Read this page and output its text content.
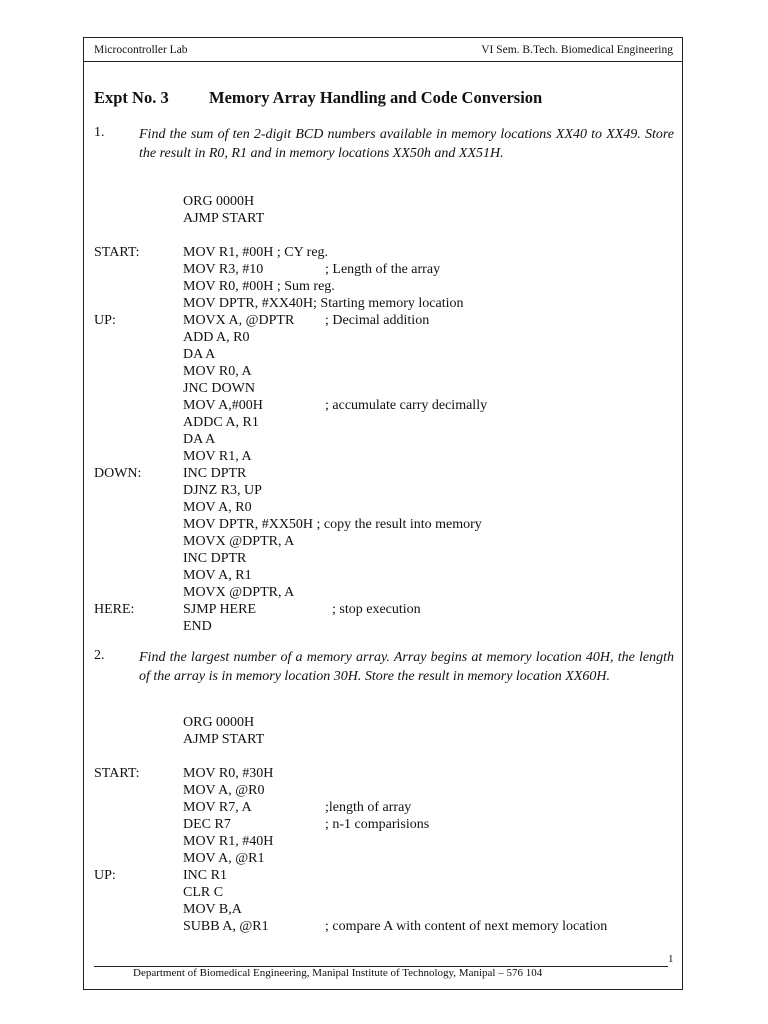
Microcontroller Lab	VI Sem. B.Tech. Biomedical Engineering
Expt No. 3 Memory Array Handling and Code Conversion
1. Find the sum of ten 2-digit BCD numbers available in memory locations XX40 to XX49. Store the result in R0, R1 and in memory locations XX50h and XX51H.
ORG 0000H
AJMP START
START:	MOV R1, #00H ; CY reg.
MOV R3, #10	; Length of the array
MOV R0, #00H ; Sum reg.
MOV DPTR, #XX40H; Starting memory location
UP:	MOVX A, @DPTR ; Decimal addition
ADD A, R0
DA A
MOV R0, A
JNC DOWN
MOV A,#00H	; accumulate carry decimally
ADDC A, R1
DA A
MOV R1, A
DOWN:	INC DPTR
DJNZ R3, UP
MOV A, R0
MOV DPTR, #XX50H ; copy the result into memory
MOVX @DPTR, A
INC DPTR
MOV A, R1
MOVX @DPTR, A
HERE:	SJMP HERE	; stop execution
END
2. Find the largest number of a memory array. Array begins at memory location 40H, the length of the array is in memory location 30H. Store the result in memory location XX60H.
ORG 0000H
AJMP START
START:	MOV R0, #30H
MOV A, @R0
MOV R7, A	;length of array
DEC R7	; n-1 comparisions
MOV R1, #40H
MOV A, @R1
UP:	INC R1
CLR C
MOV B,A
SUBB A, @R1	; compare A with content of next memory location
1
Department of Biomedical Engineering, Manipal Institute of Technology, Manipal – 576 104
